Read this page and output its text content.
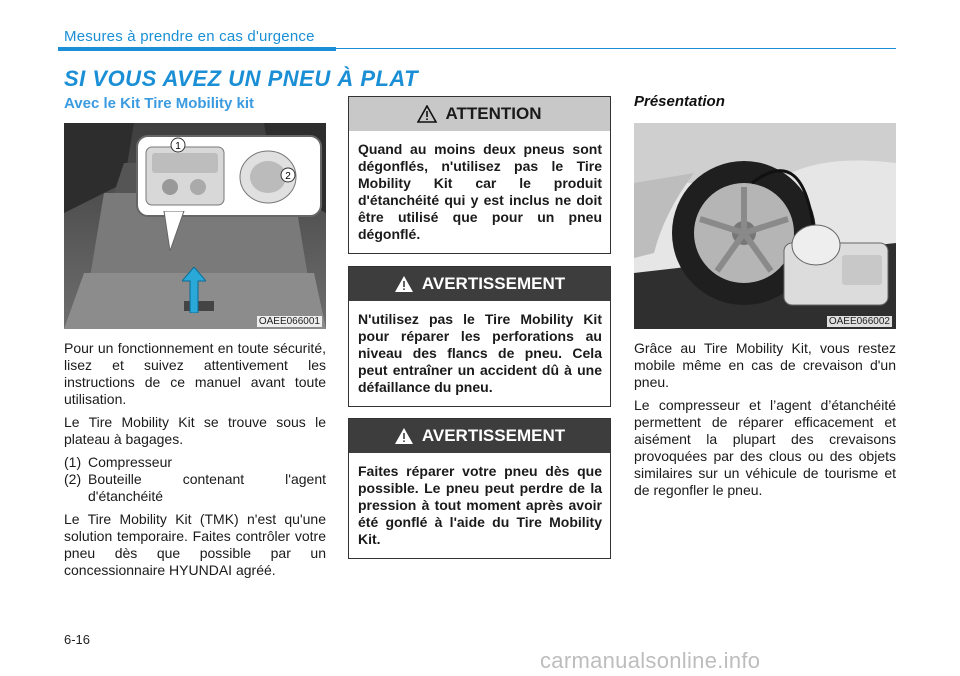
Mesures à prendre en cas d'urgence
SI VOUS AVEZ UN PNEU À PLAT
Avec le Kit Tire Mobility kit
1
2
OAEE066001

Pour un fonctionnement en toute sécurité, lisez et suivez attentivement les instructions de ce manuel avant toute utilisation.

Le Tire Mobility Kit se trouve sous le plateau à bagages.

(1) Compresseur
(2) Bouteille contenant l'agent d'étanchéité

Le Tire Mobility Kit (TMK) n'est qu'une solution temporaire. Faites contrôler votre pneu dès que possible par un concessionnaire HYUNDAI agréé.

ATTENTION
Quand au moins deux pneus sont dégonflés, n'utilisez pas le Tire Mobility Kit car le produit d'étanchéité qui y est inclus ne doit être utilisé que pour un pneu dégonflé.
AVERTISSEMENT
N'utilisez pas le Tire Mobility Kit pour réparer les perforations au niveau des flancs de pneu. Cela peut entraîner un accident dû à une défaillance du pneu.
AVERTISSEMENT
Faites réparer votre pneu dès que possible. Le pneu peut perdre de la pression à tout moment après avoir été gonflé à l'aide du Tire Mobility Kit.
Présentation
OAEE066002

Grâce au Tire Mobility Kit, vous restez mobile même en cas de crevaison d'un pneu.

Le compresseur et l’agent d’étanchéité permettent de réparer efficacement et aisément la plupart des crevaisons provoquées par des clous ou des objets similaires sur un véhicule de tourisme et de regonfler le pneu.

6-16
carmanualsonline.info
